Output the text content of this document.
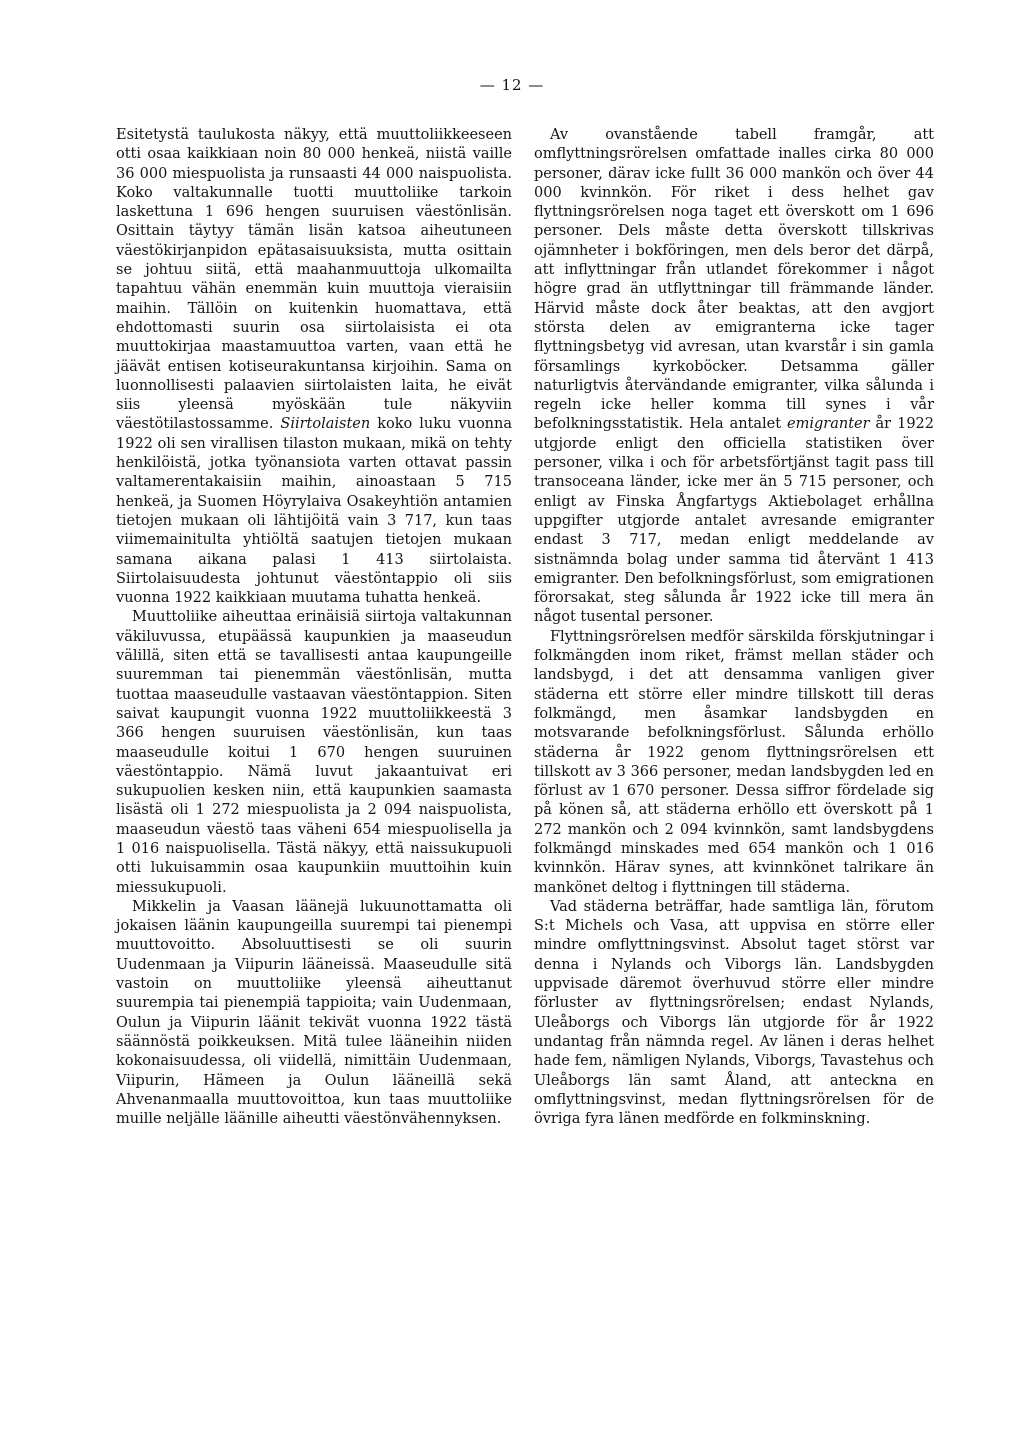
— 12 —

Esitetystä taulukosta näkyy, että muuttoliikkeeseen otti osaa kaikkiaan noin 80 000 henkeä, niistä vaille 36 000 miespuolista ja runsaasti 44 000 naispuolista. Koko valtakunnalle tuotti muuttoliike tarkoin laskettuna 1 696 hengen suuruisen väestönlisän. Osittain täytyy tämän lisän katsoa aiheutuneen väestökirjanpidon epätasaisuuksista, mutta osittain se johtuu siitä, että maahanmuuttoja ulkomailta tapahtuu vähän enemmän kuin muuttoja vieraisiin maihin. Tällöin on kuitenkin huomattava, että ehdottomasti suurin osa siirtolaisista ei ota muuttokirjaa maastamuuttoa varten, vaan että he jäävät entisen kotiseurakuntansa kirjoihin. Sama on luonnollisesti palaavien siirtolaisten laita, he eivät siis yleensä myöskään tule näkyviin väestötilastossamme. Siirtolaisten koko luku vuonna 1922 oli sen virallisen tilaston mukaan, mikä on tehty henkilöistä, jotka työnansiota varten ottavat passin valtamerentakaisiin maihin, ainoastaan 5 715 henkeä, ja Suomen Höyrylaiva Osakeyhtiön antamien tietojen mukaan oli lähtijöitä vain 3 717, kun taas viimemainitulta yhtiöltä saatujen tietojen mukaan samana aikana palasi 1 413 siirtolaista. Siirtolaisuudesta johtunut väestöntappio oli siis vuonna 1922 kaikkiaan muutama tuhatta henkeä.

Muuttoliike aiheuttaa erinäisiä siirtoja valtakunnan väkiluvussa, etupäässä kaupunkien ja maaseudun välillä, siten että se tavallisesti antaa kaupungeille suuremman tai pienemmän väestönlisän, mutta tuottaa maaseudulle vastaavan väestöntappion. Siten saivat kaupungit vuonna 1922 muuttoliikkeestä 3 366 hengen suuruisen väestönlisän, kun taas maaseudulle koitui 1 670 hengen suuruinen väestöntappio. Nämä luvut jakaantuivat eri sukupuolien kesken niin, että kaupunkien saamasta lisästä oli 1 272 miespuolista ja 2 094 naispuolista, maaseudun väestö taas väheni 654 miespuolisella ja 1 016 naispuolisella. Tästä näkyy, että naissukupuoli otti lukuisammin osaa kaupunkiin muuttoihin kuin miessukupuoli.

Mikkelin ja Vaasan läänejä lukuunottamatta oli jokaisen läänin kaupungeilla suurempi tai pienempi muuttovoitto. Absoluuttisesti se oli suurin Uudenmaan ja Viipurin lääneissä. Maaseudulle sitä vastoin on muuttoliike yleensä aiheuttanut suurempia tai pienempiä tappioita; vain Uudenmaan, Oulun ja Viipurin läänit tekivät vuonna 1922 tästä säännöstä poikkeuksen. Mitä tulee lääneihin niiden kokonaisuudessa, oli viidellä, nimittäin Uudenmaan, Viipurin, Hämeen ja Oulun lääneillä sekä Ahvenanmaalla muuttovoittoa, kun taas muuttoliike muille neljälle läänille aiheutti väestönvähennyksen.

Av ovanstående tabell framgår, att omflyttningsrörelsen omfattade inalles cirka 80 000 personer, därav icke fullt 36 000 mankön och över 44 000 kvinnkön. För riket i dess helhet gav flyttningsrörelsen noga taget ett överskott om 1 696 personer. Dels måste detta överskott tillskrivas ojämnheter i bokföringen, men dels beror det därpå, att inflyttningar från utlandet förekommer i något högre grad än utflyttningar till främmande länder. Härvid måste dock åter beaktas, att den avgjort största delen av emigranterna icke tager flyttningsbetyg vid avresan, utan kvarstår i sin gamla församlings kyrkoböcker. Detsamma gäller naturligtvis återvändande emigranter, vilka sålunda i regeln icke heller komma till synes i vår befolkningsstatistik. Hela antalet emigranter år 1922 utgjorde enligt den officiella statistiken över personer, vilka i och för arbetsförtjänst tagit pass till transoceana länder, icke mer än 5 715 personer, och enligt av Finska Ångfartygs Aktiebolaget erhållna uppgifter utgjorde antalet avresande emigranter endast 3 717, medan enligt meddelande av sistnämnda bolag under samma tid återvänt 1 413 emigranter. Den befolkningsförlust, som emigrationen förorsakat, steg sålunda år 1922 icke till mera än något tusental personer.

Flyttningsrörelsen medför särskilda förskjutningar i folkmängden inom riket, främst mellan städer och landsbygd, i det att densamma vanligen giver städerna ett större eller mindre tillskott till deras folkmängd, men åsamkar landsbygden en motsvarande befolkningsförlust. Sålunda erhöllo städerna år 1922 genom flyttningsrörelsen ett tillskott av 3 366 personer, medan landsbygden led en förlust av 1 670 personer. Dessa siffror fördelade sig på könen så, att städerna erhöllo ett överskott på 1 272 mankön och 2 094 kvinnkön, samt landsbygdens folkmängd minskades med 654 mankön och 1 016 kvinnkön. Härav synes, att kvinnkönet talrikare än mankönet deltog i flyttningen till städerna.

Vad städerna beträffar, hade samtliga län, förutom S:t Michels och Vasa, att uppvisa en större eller mindre omflyttningsvinst. Absolut taget störst var denna i Nylands och Viborgs län. Landsbygden uppvisade däremot överhuvud större eller mindre förluster av flyttningsrörelsen; endast Nylands, Uleåborgs och Viborgs län utgjorde för år 1922 undantag från nämnda regel. Av länen i deras helhet hade fem, nämligen Nylands, Viborgs, Tavastehus och Uleåborgs län samt Åland, att anteckna en omflyttningsvinst, medan flyttningsrörelsen för de övriga fyra länen medförde en folkminskning.
